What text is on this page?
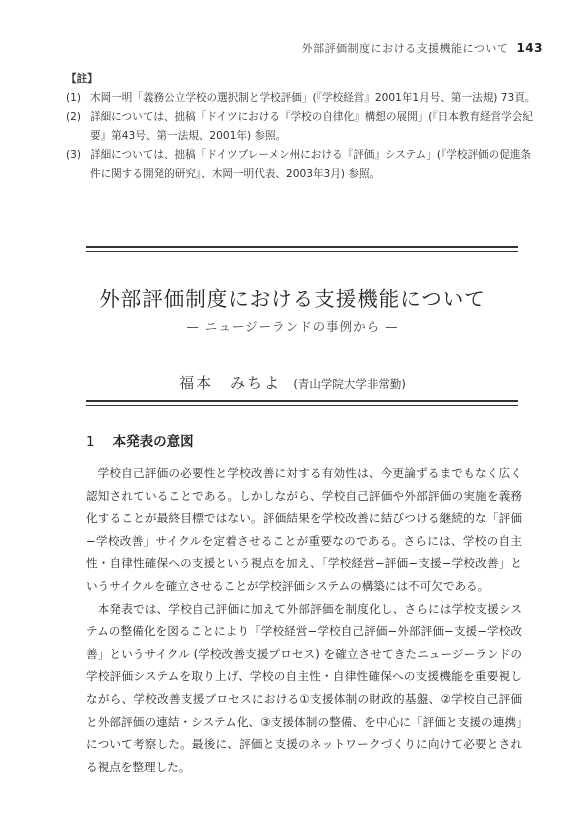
外部評価制度における支援機能について 143
【註】
(1) 木岡一明「義務公立学校の選択制と学校評価」(『学校経営』2001年1月号、第一法規) 73頁。
(2) 詳細については、拙稿「ドイツにおける『学校の自律化』構想の展開」(『日本教育経営学会紀要』第43号、第一法規、2001年) 参照。
(3) 詳細については、拙稿「ドイツブレーメン州における『評価』システム」(『学校評価の促進条件に関する開発的研究』、木岡一明代表、2003年3月) 参照。
外部評価制度における支援機能について
— ニュージーランドの事例から —
福本　みちよ (青山学院大学非常勤)
1 本発表の意図

学校自己評価の必要性と学校改善に対する有効性は、今更論ずるまでもなく広く認知されていることである。しかしながら、学校自己評価や外部評価の実施を義務化することが最終目標ではない。評価結果を学校改善に結びつける継続的な「評価−学校改善」サイクルを定着させることが重要なのである。さらには、学校の自主性・自律性確保への支援という視点を加え、「学校経営−評価−支援−学校改善」というサイクルを確立させることが学校評価システムの構築には不可欠である。

本発表では、学校自己評価に加えて外部評価を制度化し、さらには学校支援システムの整備化を図ることにより「学校経営−学校自己評価−外部評価−支援−学校改善」というサイクル (学校改善支援プロセス) を確立させてきたニュージーランドの学校評価システムを取り上げ、学校の自主性・自律性確保への支援機能を重要視しながら、学校改善支援プロセスにおける①支援体制の財政的基盤、②学校自己評価と外部評価の連結・システム化、③支援体制の整備、を中心に「評価と支援の連携」について考察した。最後に、評価と支援のネットワークづくりに向けて必要とされる視点を整理した。
